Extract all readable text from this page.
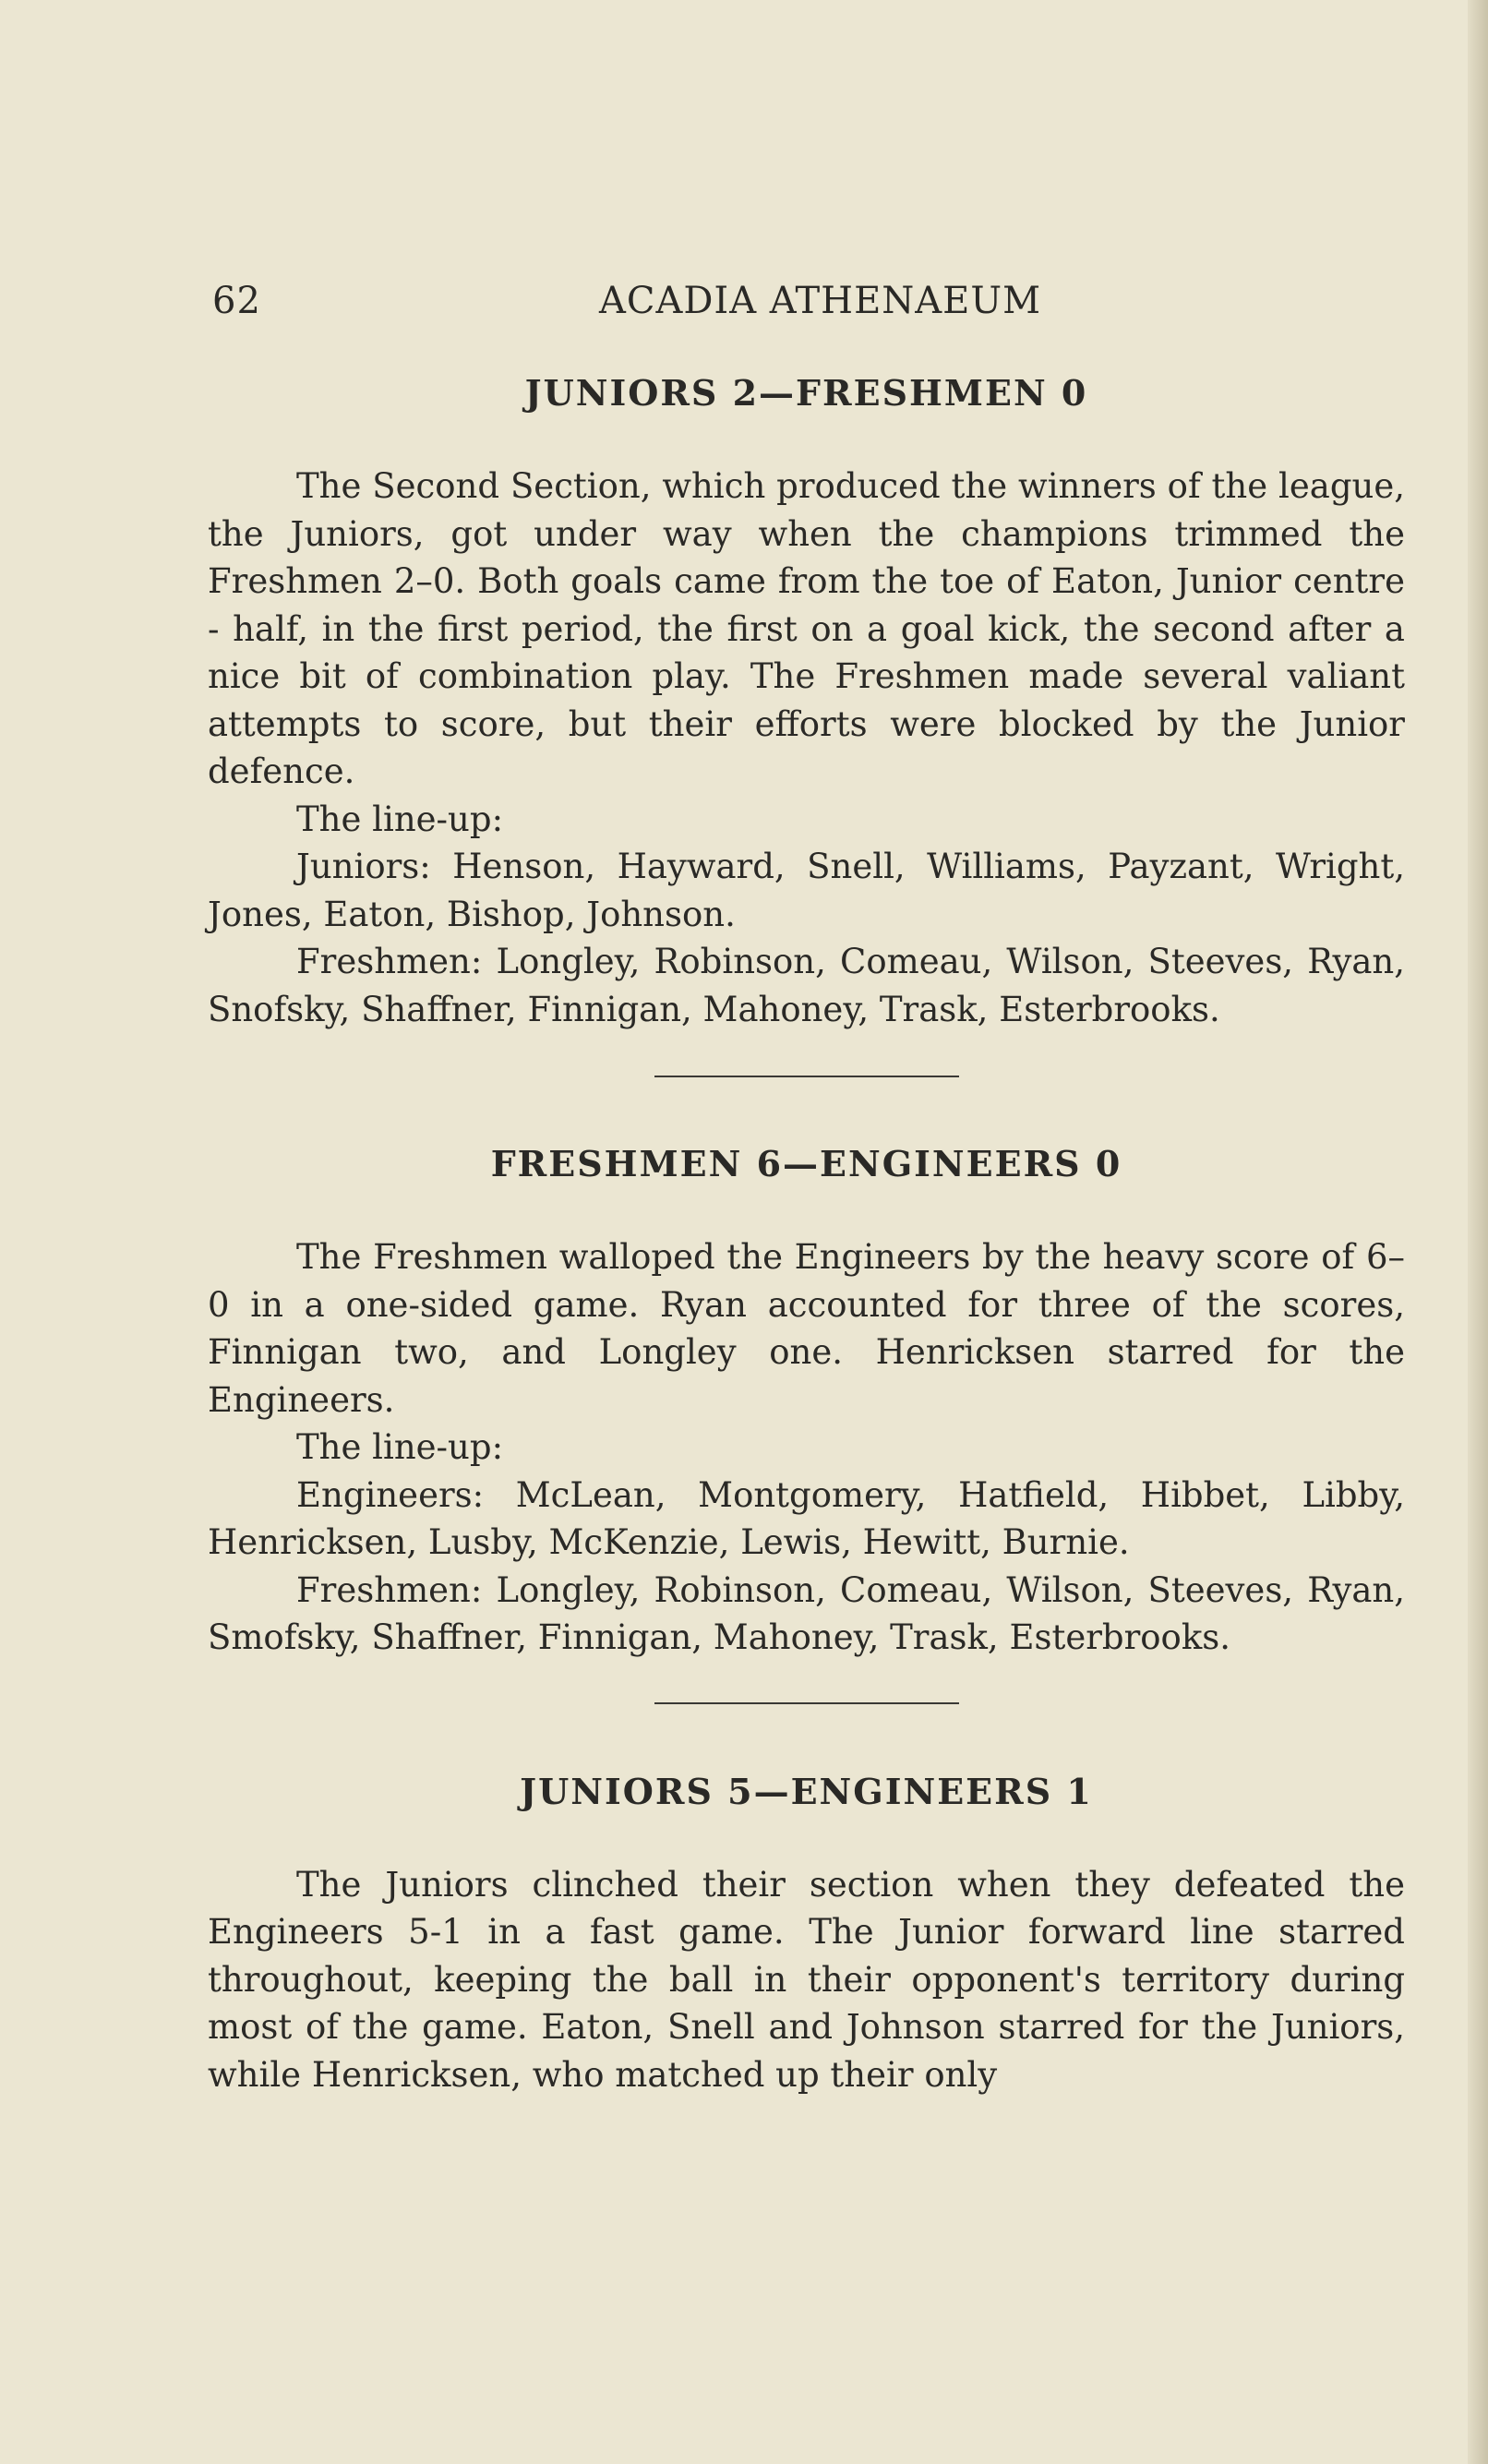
62	ACADIA ATHENAEUM
JUNIORS 2—FRESHMEN 0

The Second Section, which produced the winners of the league, the Juniors, got under way when the champions trimmed the Freshmen 2–0. Both goals came from the toe of Eaton, Junior centre - half, in the first period, the first on a goal kick, the second after a nice bit of combination play. The Freshmen made several valiant attempts to score, but their efforts were blocked by the Junior defence.

The line-up:

Juniors: Henson, Hayward, Snell, Williams, Payzant, Wright, Jones, Eaton, Bishop, Johnson.

Freshmen: Longley, Robinson, Comeau, Wilson, Steeves, Ryan, Snofsky, Shaffner, Finnigan, Mahoney, Trask, Esterbrooks.

FRESHMEN 6—ENGINEERS 0

The Freshmen walloped the Engineers by the heavy score of 6–0 in a one-sided game. Ryan accounted for three of the scores, Finnigan two, and Longley one. Henricksen starred for the Engineers.

The line-up:

Engineers: McLean, Montgomery, Hatfield, Hibbet, Libby, Henricksen, Lusby, McKenzie, Lewis, Hewitt, Burnie.

Freshmen: Longley, Robinson, Comeau, Wilson, Steeves, Ryan, Smofsky, Shaffner, Finnigan, Mahoney, Trask, Esterbrooks.

JUNIORS 5—ENGINEERS 1

The Juniors clinched their section when they defeated the Engineers 5-1 in a fast game. The Junior forward line starred throughout, keeping the ball in their opponent's territory during most of the game. Eaton, Snell and Johnson starred for the Juniors, while Henricksen, who matched up their only
